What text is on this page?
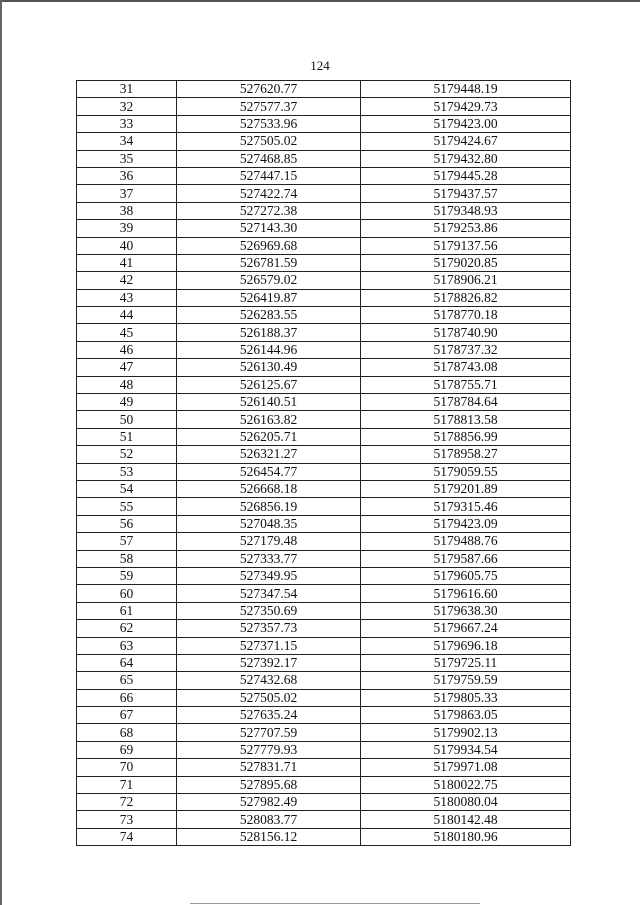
124
31	527620.77	5179448.19
32	527577.37	5179429.73
33	527533.96	5179423.00
34	527505.02	5179424.67
35	527468.85	5179432.80
36	527447.15	5179445.28
37	527422.74	5179437.57
38	527272.38	5179348.93
39	527143.30	5179253.86
40	526969.68	5179137.56
41	526781.59	5179020.85
42	526579.02	5178906.21
43	526419.87	5178826.82
44	526283.55	5178770.18
45	526188.37	5178740.90
46	526144.96	5178737.32
47	526130.49	5178743.08
48	526125.67	5178755.71
49	526140.51	5178784.64
50	526163.82	5178813.58
51	526205.71	5178856.99
52	526321.27	5178958.27
53	526454.77	5179059.55
54	526668.18	5179201.89
55	526856.19	5179315.46
56	527048.35	5179423.09
57	527179.48	5179488.76
58	527333.77	5179587.66
59	527349.95	5179605.75
60	527347.54	5179616.60
61	527350.69	5179638.30
62	527357.73	5179667.24
63	527371.15	5179696.18
64	527392.17	5179725.11
65	527432.68	5179759.59
66	527505.02	5179805.33
67	527635.24	5179863.05
68	527707.59	5179902.13
69	527779.93	5179934.54
70	527831.71	5179971.08
71	527895.68	5180022.75
72	527982.49	5180080.04
73	528083.77	5180142.48
74	528156.12	5180180.96
